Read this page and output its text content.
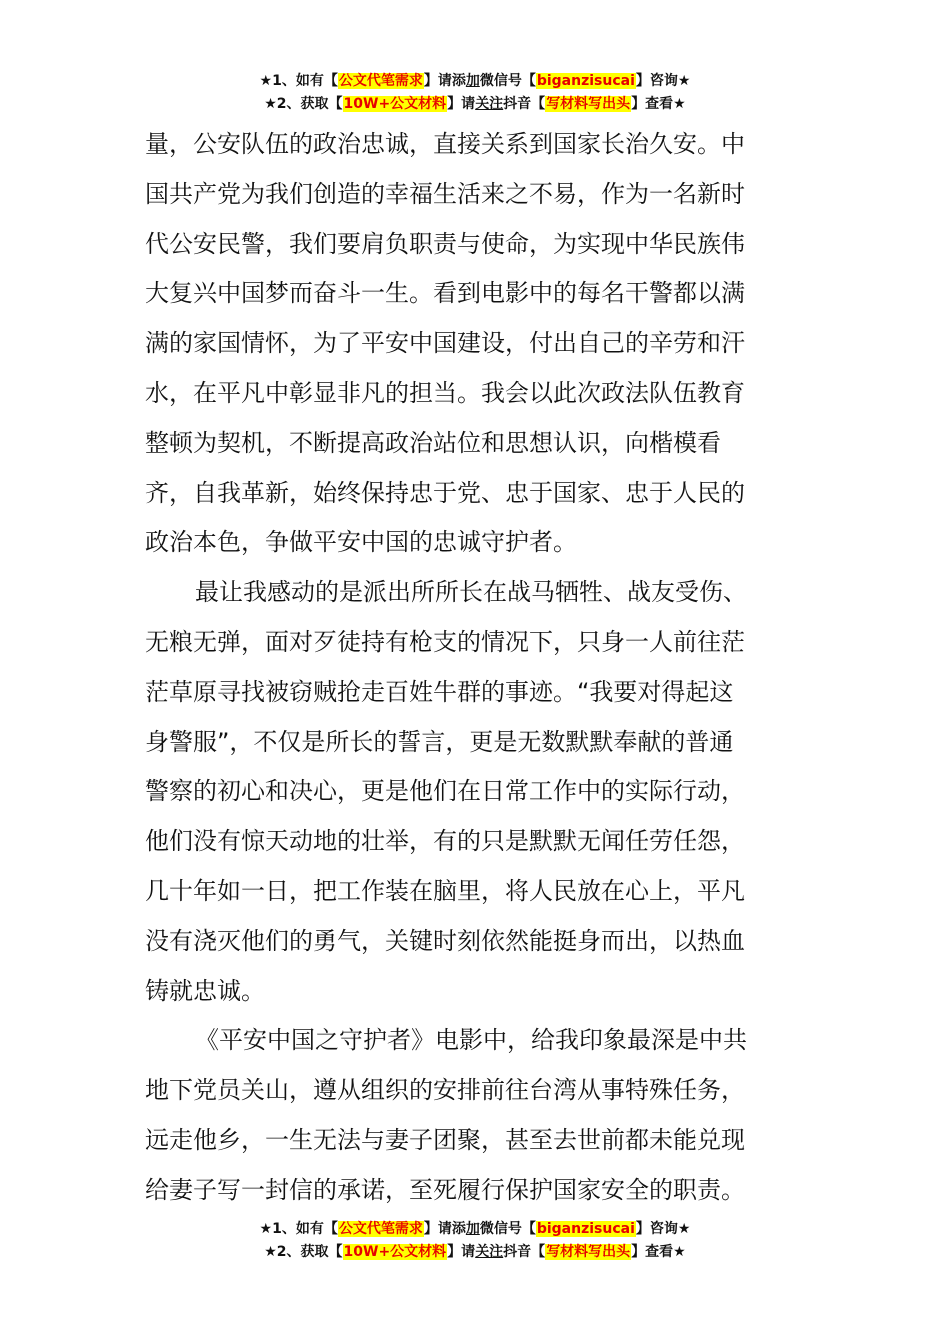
★1、如有【公文代笔需求】请添加微信号【biganzisucai】咨询★
★2、获取【10W+公文材料】请关注抖音【写材料写出头】查看★
量，公安队伍的政治忠诚，直接关系到国家长治久安。中
国共产党为我们创造的幸福生活来之不易，作为一名新时
代公安民警，我们要肩负职责与使命，为实现中华民族伟
大复兴中国梦而奋斗一生。看到电影中的每名干警都以满
满的家国情怀，为了平安中国建设，付出自己的辛劳和汗
水，在平凡中彰显非凡的担当。我会以此次政法队伍教育
整顿为契机，不断提高政治站位和思想认识，向楷模看
齐，自我革新，始终保持忠于党、忠于国家、忠于人民的
政治本色，争做平安中国的忠诚守护者。
最让我感动的是派出所所长在战马牺牲、战友受伤、
无粮无弹，面对歹徒持有枪支的情况下，只身一人前往茫
茫草原寻找被窃贼抢走百姓牛群的事迹。“我要对得起这
身警服”，不仅是所长的誓言，更是无数默默奉献的普通
警察的初心和决心，更是他们在日常工作中的实际行动，
他们没有惊天动地的壮举，有的只是默默无闻任劳任怨，
几十年如一日，把工作装在脑里，将人民放在心上，平凡
没有浇灭他们的勇气，关键时刻依然能挺身而出，以热血
铸就忠诚。
《平安中国之守护者》电影中，给我印象最深是中共
地下党员关山，遵从组织的安排前往台湾从事特殊任务，
远走他乡，一生无法与妻子团聚，甚至去世前都未能兑现
给妻子写一封信的承诺，至死履行保护国家安全的职责。
★1、如有【公文代笔需求】请添加微信号【biganzisucai】咨询★
★2、获取【10W+公文材料】请关注抖音【写材料写出头】查看★
